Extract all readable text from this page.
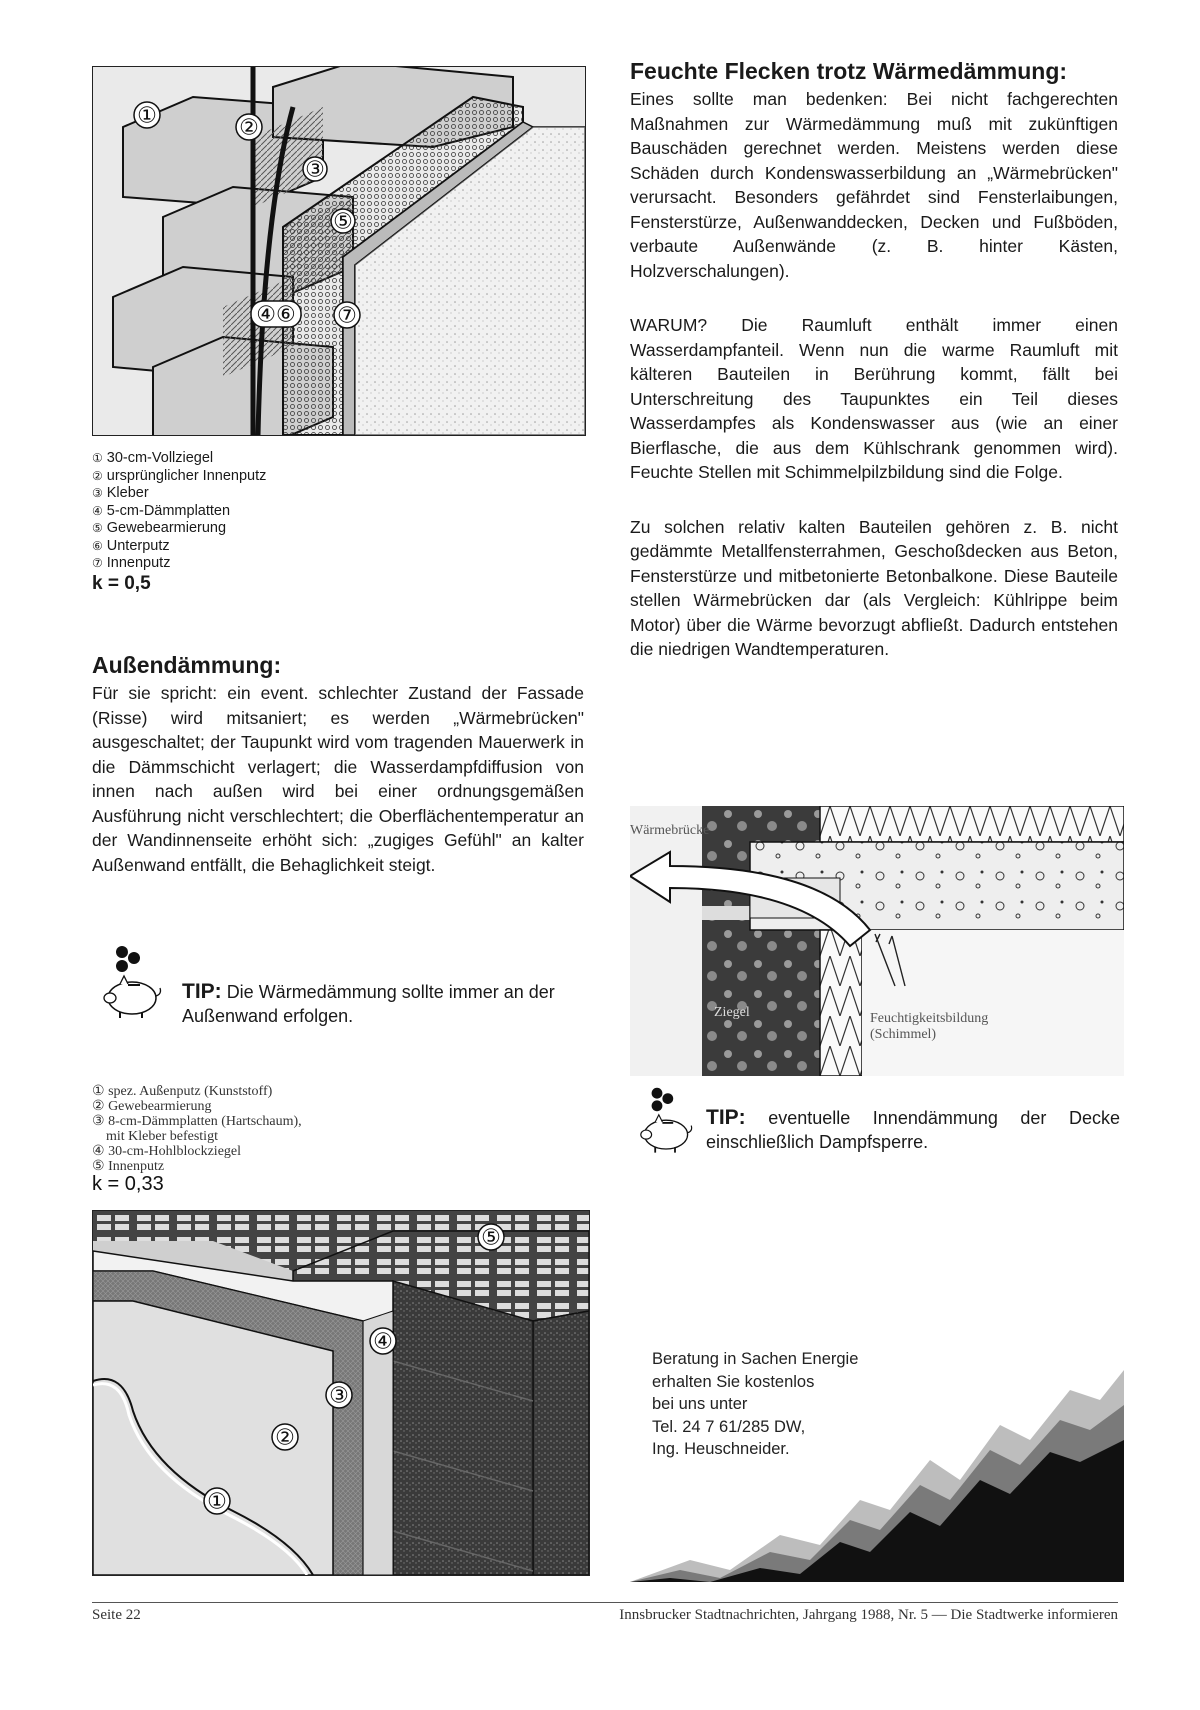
①	②
③
⑤
④⑥ ⑦
① 30-cm-Vollziegel
② ursprünglicher Innenputz
③ Kleber
④ 5-cm-Dämmplatten
⑤ Gewebearmierung
⑥ Unterputz
⑦ Innenputz
k = 0,5
Außendämmung:

Für sie spricht: ein event. schlechter Zustand der Fassade (Risse) wird mitsaniert; es werden „Wärmebrücken" ausgeschaltet; der Taupunkt wird vom tragenden Mauerwerk in die Dämmschicht verlagert; die Wasserdampfdiffusion von innen nach außen wird bei einer ordnungsgemäßen Ausführung nicht verschlechtert; die Oberflächentemperatur an der Wandinnenseite erhöht sich: „zugiges Gefühl" an kalter Außenwand entfällt, die Behaglichkeit steigt.

TIP: Die Wärmedämmung sollte immer an der Außenwand erfolgen.
① spez. Außenputz (Kunststoff)
② Gewebearmierung
③ 8-cm-Dämmplatten (Hartschaum),
mit Kleber befestigt
④ 30-cm-Hohlblockziegel
⑤ Innenputz
k = 0,33
⑤
④
③
②
①
Feuchte Flecken trotz Wärmedämmung:

Eines sollte man bedenken: Bei nicht fachgerechten Maßnahmen zur Wärmedämmung muß mit zukünftigen Bauschäden gerechnet werden. Meistens werden diese Schäden durch Kondenswasserbildung an „Wärmebrücken" verursacht. Besonders gefährdet sind Fensterlaibungen, Fensterstürze, Außenwanddecken, Decken und Fußböden, verbaute Außenwände (z. B. hinter Kästen, Holzverschalungen).

WARUM? Die Raumluft enthält immer einen Wasserdampfanteil. Wenn nun die warme Raumluft mit kälteren Bauteilen in Berührung kommt, fällt bei Unterschreitung des Taupunktes ein Teil dieses Wasserdampfes als Kondenswasser aus (wie an einer Bierflasche, die aus dem Kühlschrank genommen wird). Feuchte Stellen mit Schimmelpilzbildung sind die Folge.

Zu solchen relativ kalten Bauteilen gehören z. B. nicht gedämmte Metallfensterrahmen, Geschoßdecken aus Beton, Fensterstürze und mitbetonierte Betonbalkone. Diese Bauteile stellen Wärmebrücken dar (als Vergleich: Kühlrippe beim Motor) über die Wärme bevorzugt abfließt. Dadurch entstehen die niedrigen Wandtemperaturen.

Wärmebrücke
Ziegel	Feuchtigkeitsbildung
(Schimmel)
TIP: eventuelle Innendämmung der Decke einschließlich Dampfsperre.
Beratung in Sachen Energie
erhalten Sie kostenlos
bei uns unter
Tel. 24 7 61/285 DW,
Ing. Heuschneider.
Seite 22	Innsbrucker Stadtnachrichten, Jahrgang 1988, Nr. 5 — Die Stadtwerke informieren
